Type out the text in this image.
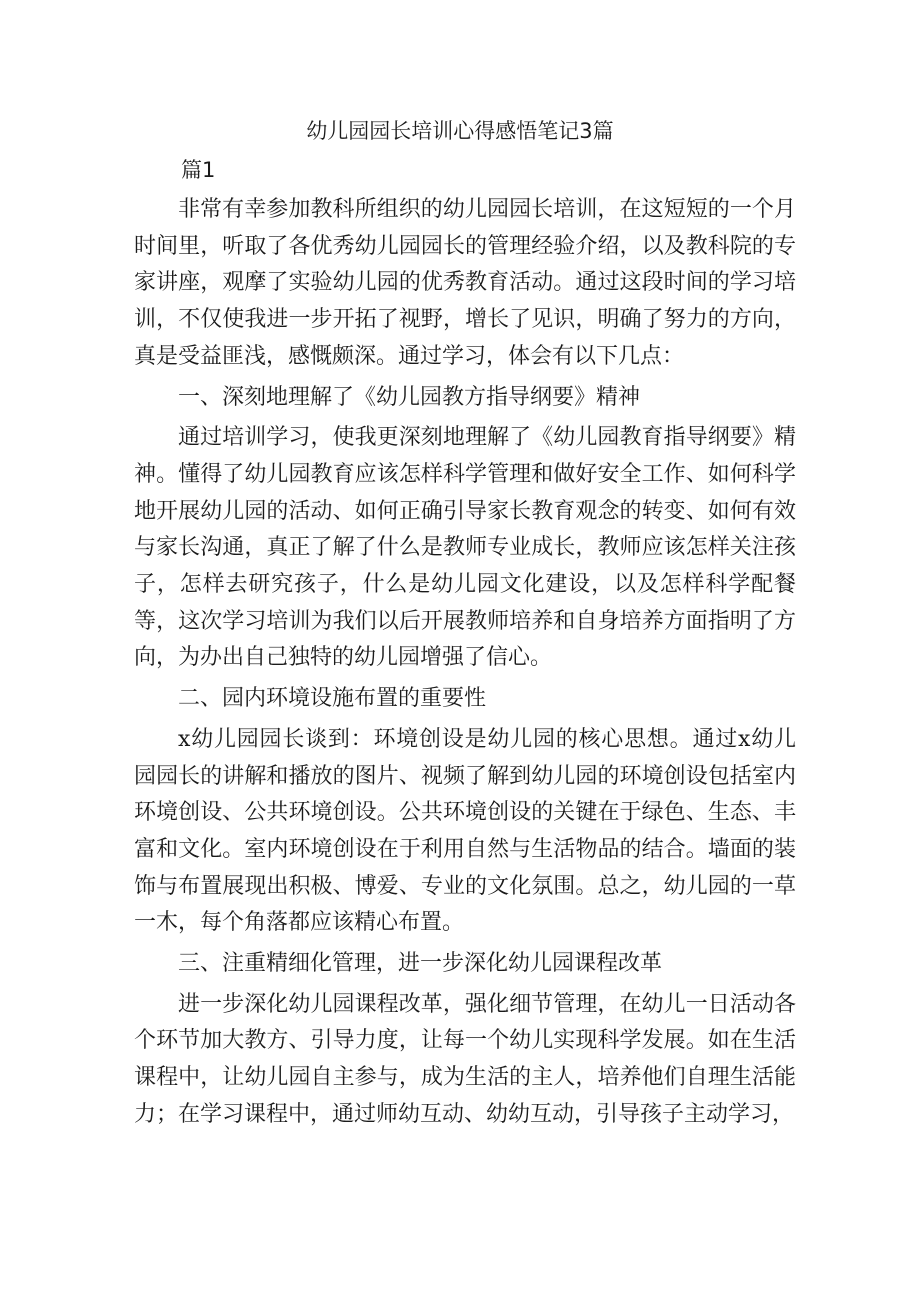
幼儿园园长培训心得感悟笔记3篇
篇1

非常有幸参加教科所组织的幼儿园园长培训，在这短短的一个月时间里，听取了各优秀幼儿园园长的管理经验介绍，以及教科院的专家讲座，观摩了实验幼儿园的优秀教育活动。通过这段时间的学习培训，不仅使我进一步开拓了视野，增长了见识，明确了努力的方向，真是受益匪浅，感慨颇深。通过学习，体会有以下几点：

一、深刻地理解了《幼儿园教方指导纲要》精神

通过培训学习，使我更深刻地理解了《幼儿园教育指导纲要》精神。懂得了幼儿园教育应该怎样科学管理和做好安全工作、如何科学地开展幼儿园的活动、如何正确引导家长教育观念的转变、如何有效与家长沟通，真正了解了什么是教师专业成长，教师应该怎样关注孩子，怎样去研究孩子，什么是幼儿园文化建设，以及怎样科学配餐等，这次学习培训为我们以后开展教师培养和自身培养方面指明了方向，为办出自己独特的幼儿园增强了信心。

二、园内环境设施布置的重要性

x幼儿园园长谈到：环境创设是幼儿园的核心思想。通过x幼儿园园长的讲解和播放的图片、视频了解到幼儿园的环境创设包括室内环境创设、公共环境创设。公共环境创设的关键在于绿色、生态、丰富和文化。室内环境创设在于利用自然与生活物品的结合。墙面的装饰与布置展现出积极、博爱、专业的文化氛围。总之，幼儿园的一草一木，每个角落都应该精心布置。

三、注重精细化管理，进一步深化幼儿园课程改革

进一步深化幼儿园课程改革，强化细节管理，在幼儿一日活动各个环节加大教方、引导力度，让每一个幼儿实现科学发展。如在生活课程中，让幼儿园自主参与，成为生活的主人，培养他们自理生活能力；在学习课程中，通过师幼互动、幼幼互动，引导孩子主动学习，
